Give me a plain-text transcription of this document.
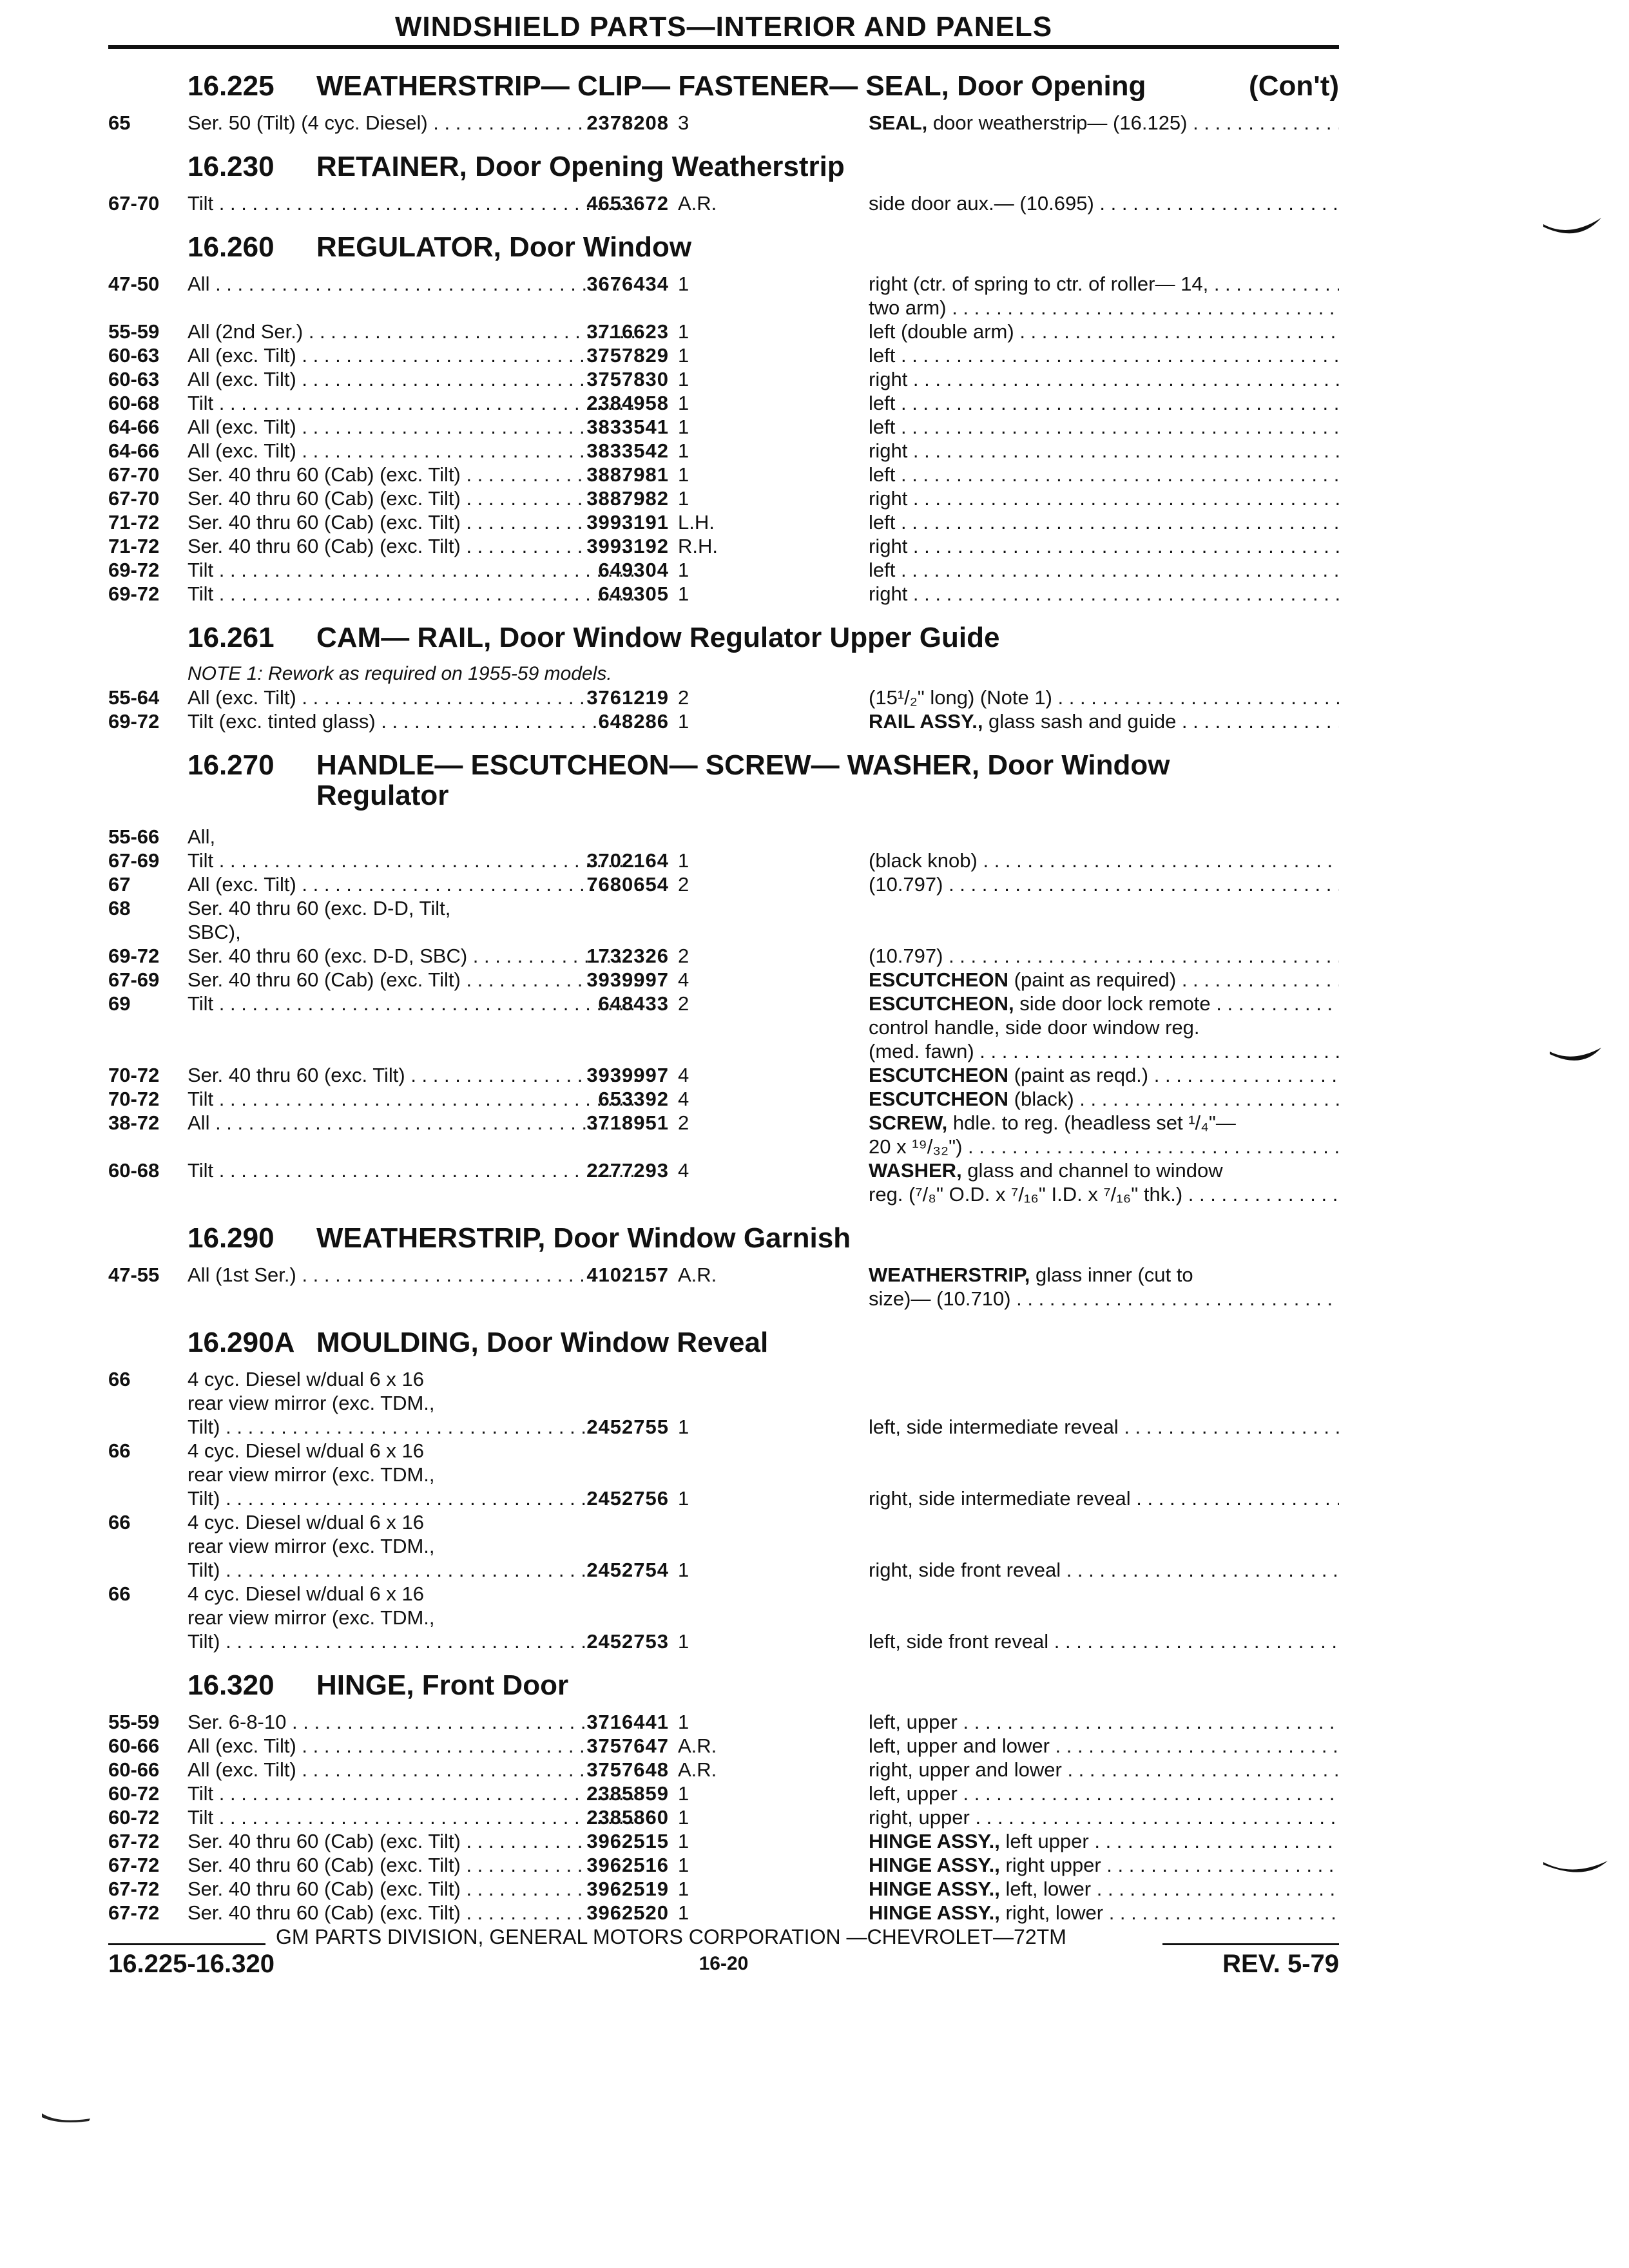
WINDSHIELD PARTS—INTERIOR AND PANELS
16.225 WEATHERSTRIP— CLIP— FASTENER— SEAL, Door Opening	(Con't)
65	Ser. 50 (Tilt) (4 cyc. Diesel) . . .	2378208 3	SEAL, door weatherstrip— (16.125) . . .
16.230 RETAINER, Door Opening Weatherstrip
67-70	Tilt . . .	4653672 A.R.	side door aux.— (10.695) . . .
16.260 REGULATOR, Door Window
47-50	All . . .	3676434 1	right (ctr. of spring to ctr. of roller— 14, . . .
two arm) . . .
55-59	All (2nd Ser.) . . .	3716623 1	left (double arm) . . .
60-63	All (exc. Tilt) . . .	3757829 1	left . . .
60-63	All (exc. Tilt) . . .	3757830 1	right . . .
60-68	Tilt . . .	2384958 1	left . . .
64-66	All (exc. Tilt) . . .	3833541 1	left . . .
64-66	All (exc. Tilt) . . .	3833542 1	right . . .
67-70	Ser. 40 thru 60 (Cab) (exc. Tilt) . . .	3887981 1	left . . .
67-70	Ser. 40 thru 60 (Cab) (exc. Tilt) . . .	3887982 1	right . . .
71-72	Ser. 40 thru 60 (Cab) (exc. Tilt) . . .	3993191 L.H.	left . . .
71-72	Ser. 40 thru 60 (Cab) (exc. Tilt) . . .	3993192 R.H.	right . . .
69-72	Tilt . . .	649304 1	left . . .
69-72	Tilt . . .	649305 1	right . . .
16.261 CAM— RAIL, Door Window Regulator Upper Guide
NOTE 1: Rework as required on 1955-59 models.
55-64	All (exc. Tilt) . . .	3761219 2	(15¹/₂" long) (Note 1) . . .
69-72	Tilt (exc. tinted glass) . . .	648286 1	RAIL ASSY., glass sash and guide . . .
16.270 HANDLE— ESCUTCHEON— SCREW— WASHER, Door Window
Regulator
55-66	All,
67-69	Tilt . . .	3702164 1	(black knob) . . .
67	All (exc. Tilt) . . .	7680654 2	(10.797) . . .
68	Ser. 40 thru 60 (exc. D-D, Tilt,
SBC),
69-72	Ser. 40 thru 60 (exc. D-D, SBC) . . .	1732326 2	(10.797) . . .
67-69	Ser. 40 thru 60 (Cab) (exc. Tilt) . . .	3939997 4	ESCUTCHEON (paint as required) . . .
69	Tilt . . .	648433 2	ESCUTCHEON, side door lock remote . . .
control handle, side door window reg.
(med. fawn) . . .
70-72	Ser. 40 thru 60 (exc. Tilt) . . .	3939997 4	ESCUTCHEON (paint as reqd.) . . .
70-72	Tilt . . .	653392 4	ESCUTCHEON (black) . . .
38-72	All . . .	3718951 2	SCREW, hdle. to reg. (headless set ¹/₄"—
20 x ¹⁹/₃₂") . . .
60-68	Tilt . . .	2277293 4	WASHER, glass and channel to window
reg. (⁷/₈" O.D. x ⁷/₁₆" I.D. x ⁷/₁₆" thk.) . . .
16.290 WEATHERSTRIP, Door Window Garnish
47-55	All (1st Ser.) . . .	4102157 A.R.	WEATHERSTRIP, glass inner (cut to
size)— (10.710) . . .
16.290A MOULDING, Door Window Reveal
66	4 cyc. Diesel w/dual 6 x 16
rear view mirror (exc. TDM.,
Tilt) . . .	2452755 1	left, side intermediate reveal . . .
66	4 cyc. Diesel w/dual 6 x 16
rear view mirror (exc. TDM.,
Tilt) . . .	2452756 1	right, side intermediate reveal . . .
66	4 cyc. Diesel w/dual 6 x 16
rear view mirror (exc. TDM.,
Tilt) . . .	2452754 1	right, side front reveal . . .
66	4 cyc. Diesel w/dual 6 x 16
rear view mirror (exc. TDM.,
Tilt) . . .	2452753 1	left, side front reveal . . .
16.320 HINGE, Front Door
55-59	Ser. 6-8-10 . . .	3716441 1	left, upper . . .
60-66	All (exc. Tilt) . . .	3757647 A.R.	left, upper and lower . . .
60-66	All (exc. Tilt) . . .	3757648 A.R.	right, upper and lower . . .
60-72	Tilt . . .	2385859 1	left, upper . . .
60-72	Tilt . . .	2385860 1	right, upper . . .
67-72	Ser. 40 thru 60 (Cab) (exc. Tilt) . . .	3962515 1	HINGE ASSY., left upper . . .
67-72	Ser. 40 thru 60 (Cab) (exc. Tilt) . . .	3962516 1	HINGE ASSY., right upper . . .
67-72	Ser. 40 thru 60 (Cab) (exc. Tilt) . . .	3962519 1	HINGE ASSY., left, lower . . .
67-72	Ser. 40 thru 60 (Cab) (exc. Tilt) . . .	3962520 1	HINGE ASSY., right, lower . . .
GM PARTS DIVISION, GENERAL MOTORS CORPORATION —CHEVROLET—72TM
16.225-16.320	16-20	REV. 5-79
